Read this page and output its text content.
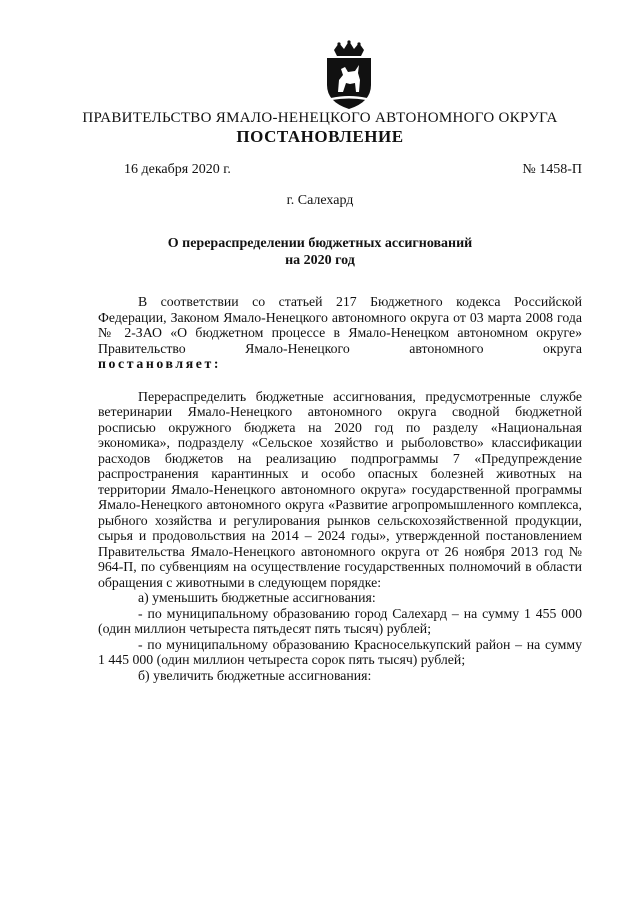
ПРАВИТЕЛЬСТВО ЯМАЛО-НЕНЕЦКОГО АВТОНОМНОГО ОКРУГА
ПОСТАНОВЛЕНИЕ
16 декабря 2020 г.	№ 1458-П
г. Салехард
О перераспределении бюджетных ассигнований
на 2020 год

В соответствии со статьей 217 Бюджетного кодекса Российской Федерации, Законом Ямало-Ненецкого автономного округа от 03 марта 2008 года № 2-ЗАО «О бюджетном процессе в Ямало-Ненецком автономном округе» Правительство Ямало-Ненецкого автономного округа

постановляет:

Перераспределить бюджетные ассигнования, предусмотренные службе ветеринарии Ямало-Ненецкого автономного округа сводной бюджетной росписью окружного бюджета на 2020 год по разделу «Национальная экономика», подразделу «Сельское хозяйство и рыболовство» классификации расходов бюджетов на реализацию подпрограммы 7 «Предупреждение распространения карантинных и особо опасных болезней животных на территории Ямало-Ненецкого автономного округа» государственной программы Ямало-Ненецкого автономного округа «Развитие агропромышленного комплекса, рыбного хозяйства и регулирования рынков сельскохозяйственной продукции, сырья и продовольствия на 2014 – 2024 годы», утвержденной постановлением Правительства Ямало-Ненецкого автономного округа от 26 ноября 2013 год № 964-П, по субвенциям на осуществление государственных полномочий в области обращения с животными в следующем порядке:

а) уменьшить бюджетные ассигнования:

- по муниципальному образованию город Салехард – на сумму 1 455 000 (один миллион четыреста пятьдесят пять тысяч) рублей;

- по муниципальному образованию Красноселькупский район – на сумму 1 445 000 (один миллион четыреста сорок пять тысяч) рублей;

б) увеличить бюджетные ассигнования:
